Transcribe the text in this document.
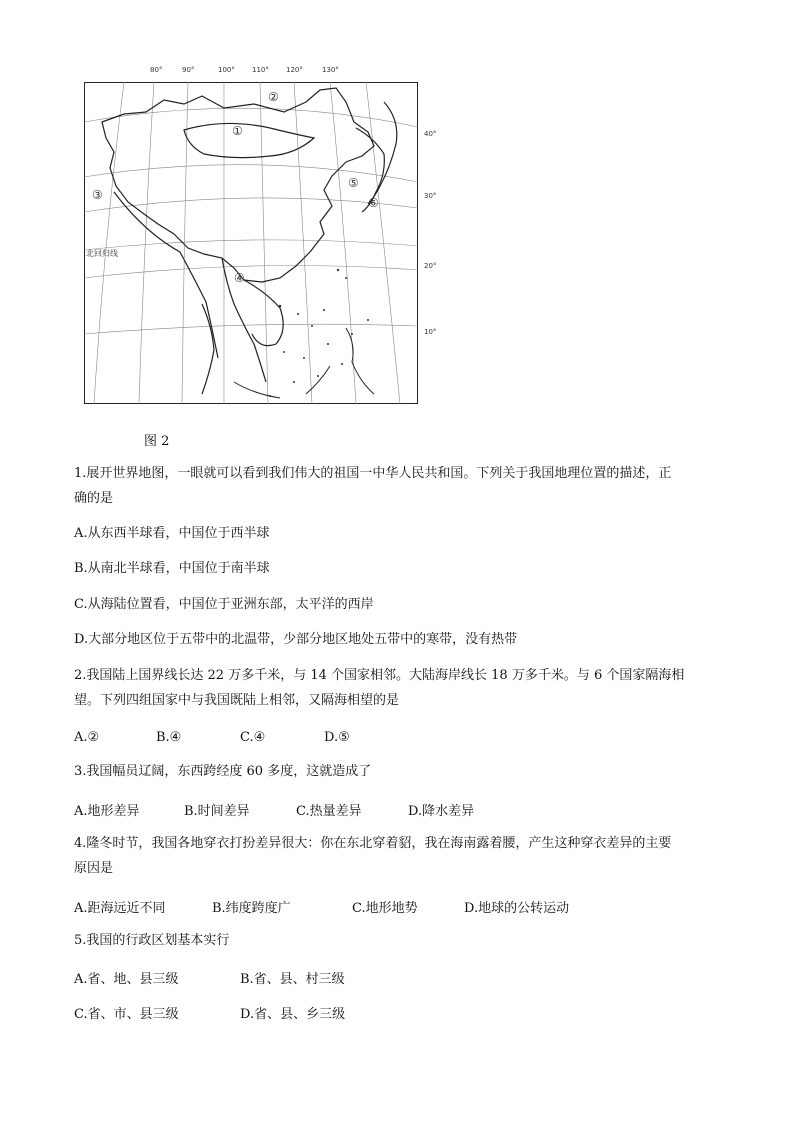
80°	90°	100° 110° 120°	130°
40°
30°
20°
10°
北回归线
①
②
③
④
⑤
⑥
图 2
1.展开世界地图，一眼就可以看到我们伟大的祖国一中华人民共和国。下列关于我国地理位置的描述，正
确的是
A.从东西半球看，中国位于西半球
B.从南北半球看，中国位于南半球
C.从海陆位置看，中国位于亚洲东部，太平洋的西岸
D.大部分地区位于五带中的北温带，少部分地区地处五带中的寒带，没有热带
2.我国陆上国界线长达 22 万多千米，与 14 个国家相邻。大陆海岸线长 18 万多千米。与 6 个国家隔海相
望。下列四组国家中与我国既陆上相邻，又隔海相望的是
A.②	B.④	C.④	D.⑤
3.我国幅员辽阔，东西跨经度 60 多度，这就造成了
A.地形差异	B.时间差异	C.热量差异	D.降水差异
4.隆冬时节，我国各地穿衣打扮差异很大：你在东北穿着貂，我在海南露着腰，产生这种穿衣差异的主要
原因是
A.距海远近不同	B.纬度跨度广	C.地形地势	D.地球的公转运动
5.我国的行政区划基本实行
A.省、地、县三级	B.省、县、村三级
C.省、市、县三级	D.省、县、乡三级
